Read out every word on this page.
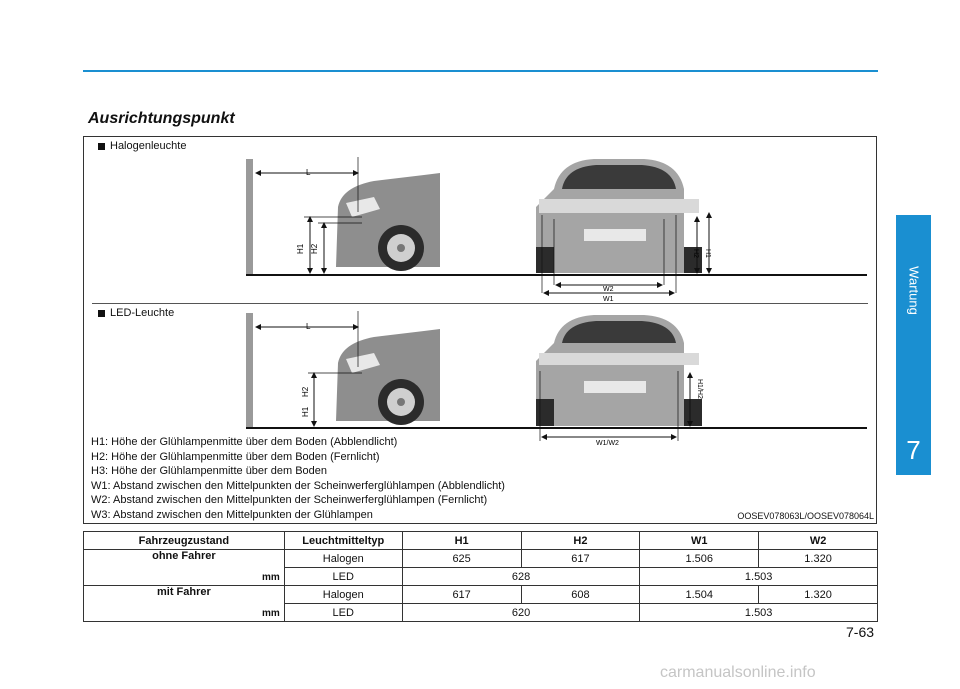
Ausrichtungspunkt
L
H1 H2
W2
W1
H2 H1
L
H1
H2
W1/W2
H1/H2
Halogenleuchte
LED-Leuchte
H1: Höhe der Glühlampenmitte über dem Boden (Abblendlicht)
H2: Höhe der Glühlampenmitte über dem Boden (Fernlicht)
H3: Höhe der Glühlampenmitte über dem Boden
W1: Abstand zwischen den Mittelpunkten der Scheinwerferglühlampen (Abblendlicht)
W2: Abstand zwischen den Mittelpunkten der Scheinwerferglühlampen (Fernlicht)
W3: Abstand zwischen den Mittelpunkten der Glühlampen	OOSEV078063L/OOSEV078064L
Fahrzeugzustand	Leuchtmitteltyp	H1	H2	W1	W2
ohne Fahrer
mm	Halogen	625	617	1.506	1.320
	LED	628		1.503	
mit Fahrer
mm	Halogen	617	608	1.504	1.320
	LED	620		1.503	
Wartung
7
7-63
carmanualsonline.info
